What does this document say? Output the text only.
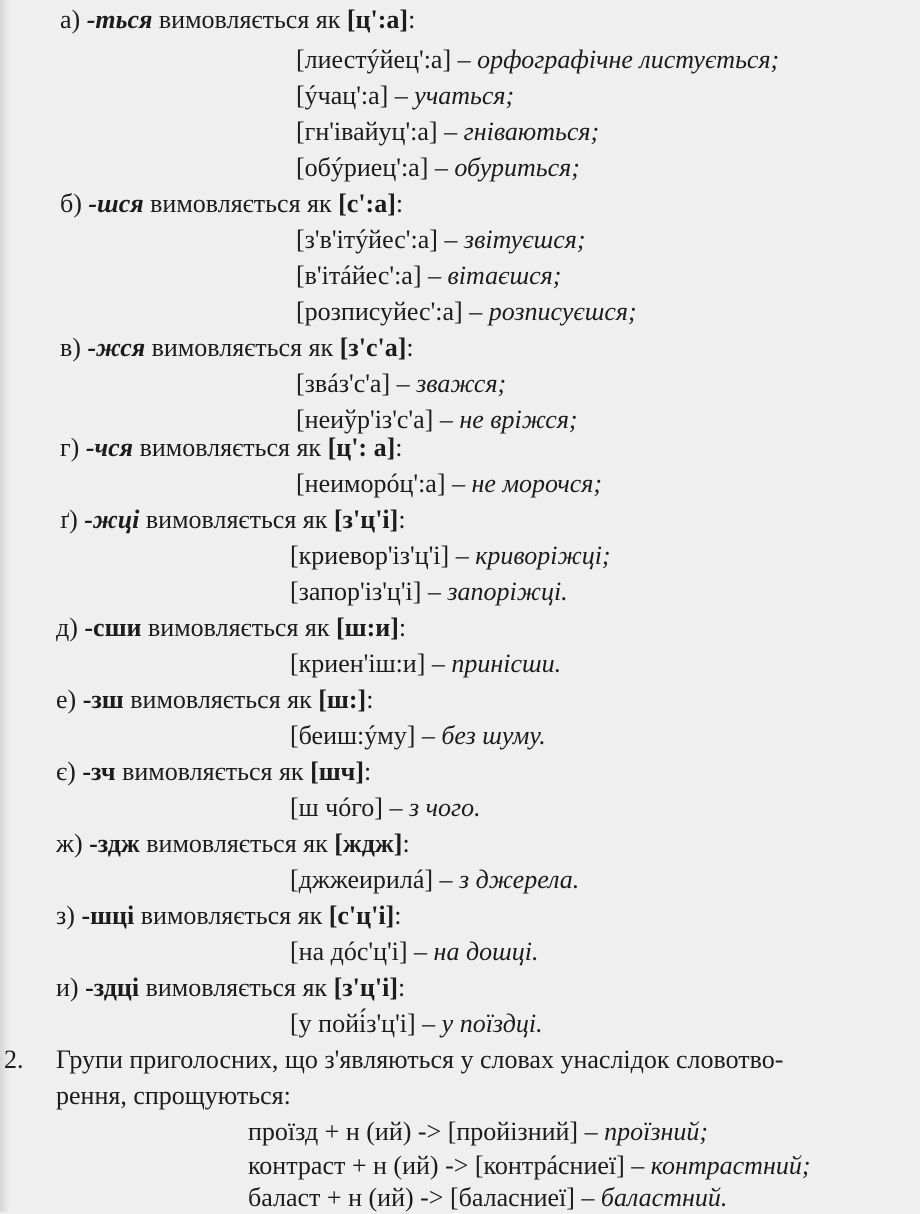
а) -ться вимовляється як [ц':а]:
[лиестýйец':а] – орфографічне листується;
[ýчац':а] – учаться;
[гн'івайуц':а] – гніваються;
[обýриец':а] – обуриться;
б) -шся вимовляється як [с':а]:
[з'в'ітýйес':а] – звітуєшся;
[в'ітáйес':а] – вітаєшся;
[розписуйес':а] – розписуєшся;
в) -жся вимовляється як [з'с'а]:
[звáз'с'а] – зважся;
[неиўр'із'с'а] – не вріжся;
г) -чся вимовляється як [ц': а]:
[неиморóц':а] – не морочся;
ґ) -жці вимовляється як [з'ц'і]:
[криевор'із'ц'і] – криворіжці;
[запор'із'ц'і] – запоріжці.
д) -сши вимовляється як [ш:и]:
[криен'іш:и] – принісши.
е) -зш вимовляється як [ш:]:
[беиш:ýму] – без шуму.
є) -зч вимовляється як [шч]:
[ш чóго] – з чого.
ж) -здж вимовляється як [ждж]:
[джжеирилá] – з джерела.
з) -шці вимовляється як [с'ц'і]:
[на дóс'ц'і] – на дошці.
и) -здці вимовляється як [з'ц'і]:
[у пойі́з'ц'і] – у поїздці.
2. Групи приголосних, що з'являються у словах унаслідок словотво-
рення, спрощуються:
проїзд + н (ий) -> [пройізний] – проїзний;
контраст + н (ий) -> [контрáсниеї] – контрастний;
баласт + н (ий) -> [баласниеї] – баластний.
